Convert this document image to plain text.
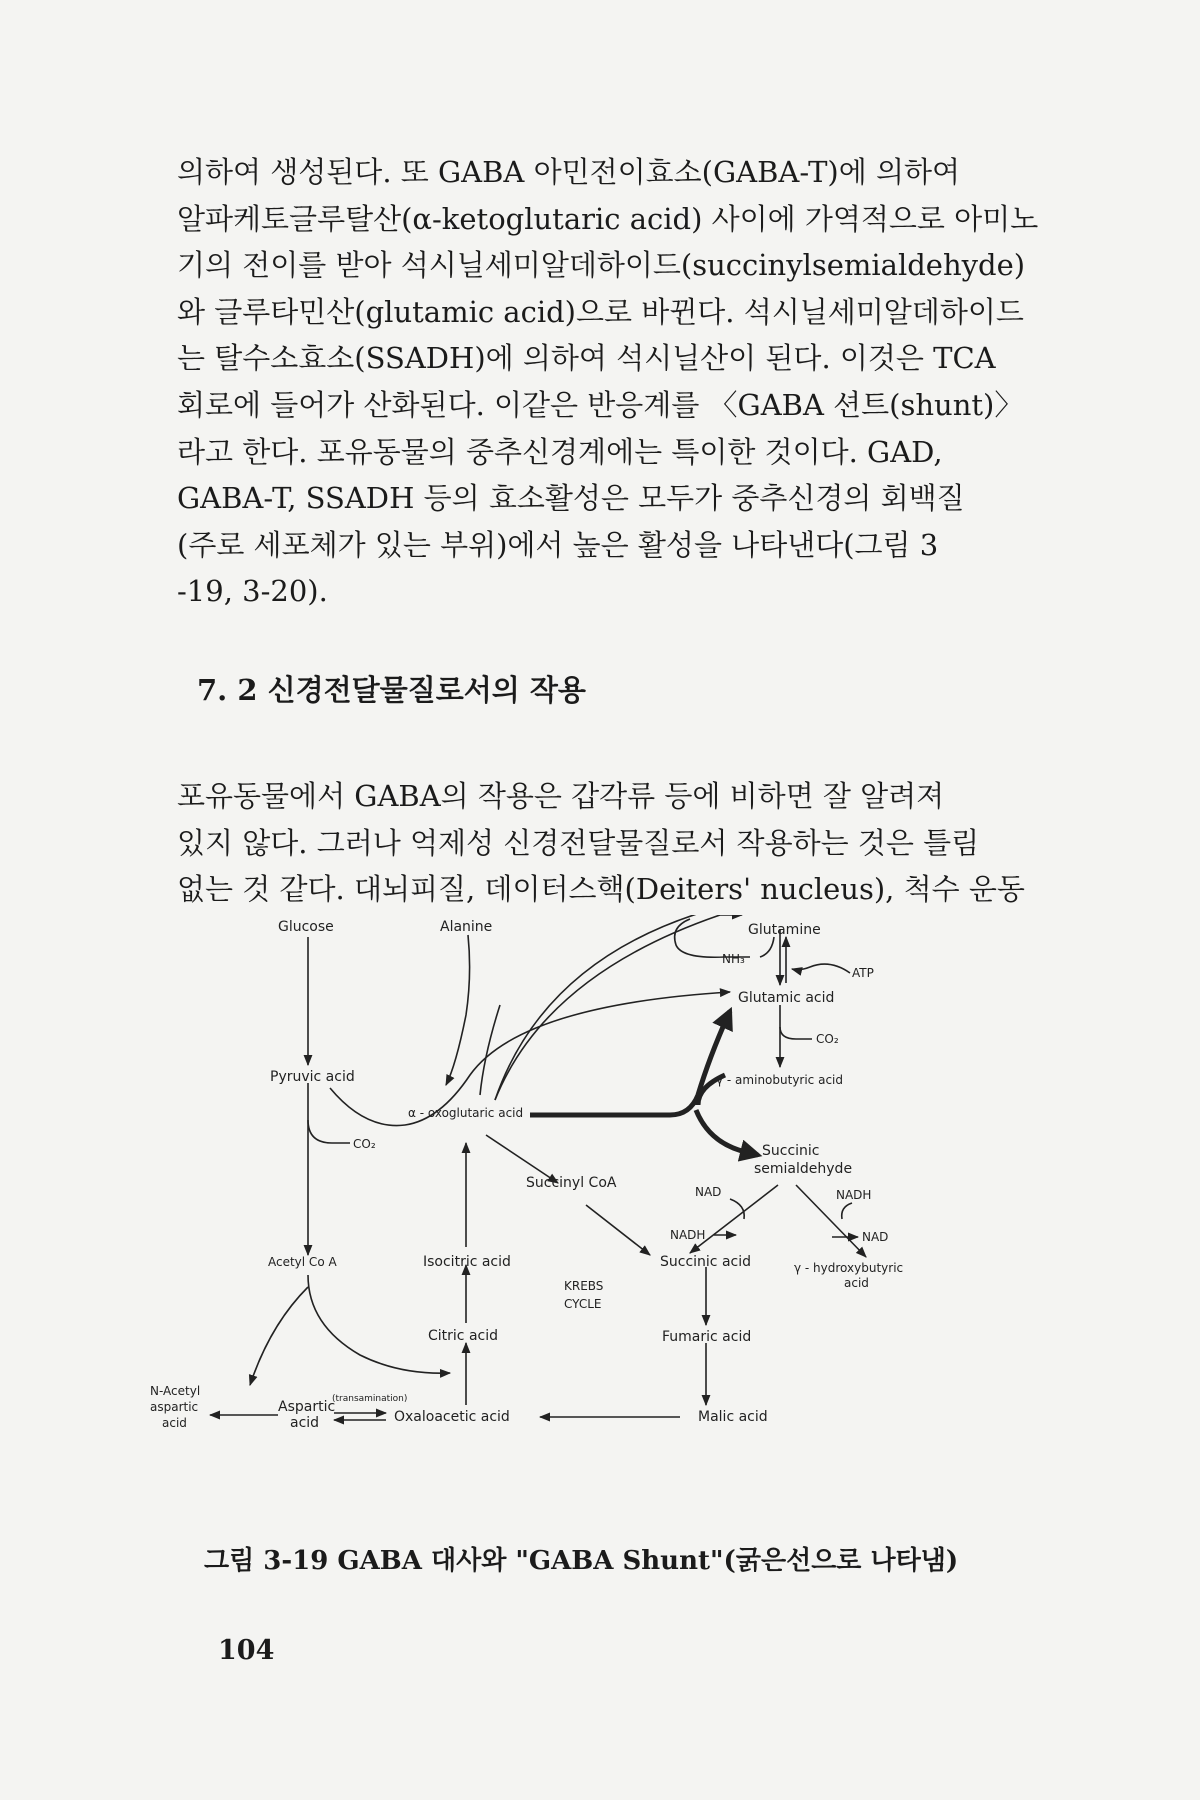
의하여 생성된다. 또 GABA 아민전이효소(GABA-T)에 의하여
알파케토글루탈산(α-ketoglutaric acid) 사이에 가역적으로 아미노
기의 전이를 받아 석시닐세미알데하이드(succinylsemialdehyde)
와 글루타민산(glutamic acid)으로 바뀐다. 석시닐세미알데하이드
는 탈수소효소(SSADH)에 의하여 석시닐산이 된다. 이것은 TCA
회로에 들어가 산화된다. 이같은 반응계를 〈GABA 션트(shunt)〉
라고 한다. 포유동물의 중추신경계에는 특이한 것이다. GAD,
GABA-T, SSADH 등의 효소활성은 모두가 중추신경의 회백질
(주로 세포체가 있는 부위)에서 높은 활성을 나타낸다(그림 3
-19, 3-20).

7. 2 신경전달물질로서의 작용

포유동물에서 GABA의 작용은 갑각류 등에 비하면 잘 알려져
있지 않다. 그러나 억제성 신경전달물질로서 작용하는 것은 틀림
없는 것 같다. 대뇌피질, 데이터스핵(Deiters' nucleus), 척수 운동

Glucose	Alanine	Glutamine
NH₃
ATP
Glutamic acid
CO₂
Pyruvic acid	γ - aminobutyric acid
α - oxoglutaric acid
CO₂	Succinic
semialdehyde
Succinyl CoA
NAD	NADH
NADH	NAD
Acetyl Co A	Isocitric acid	Succinic acid	γ - hydroxybutyric
acid
KREBS
CYCLE
Citric acid	Fumaric acid
N-Acetyl
aspartic
acid
Aspartic
acid
(transamination)
Oxaloacetic acid	Malic acid

그림 3-19 GABA 대사와 "GABA Shunt"(굵은선으로 나타냄)

104
